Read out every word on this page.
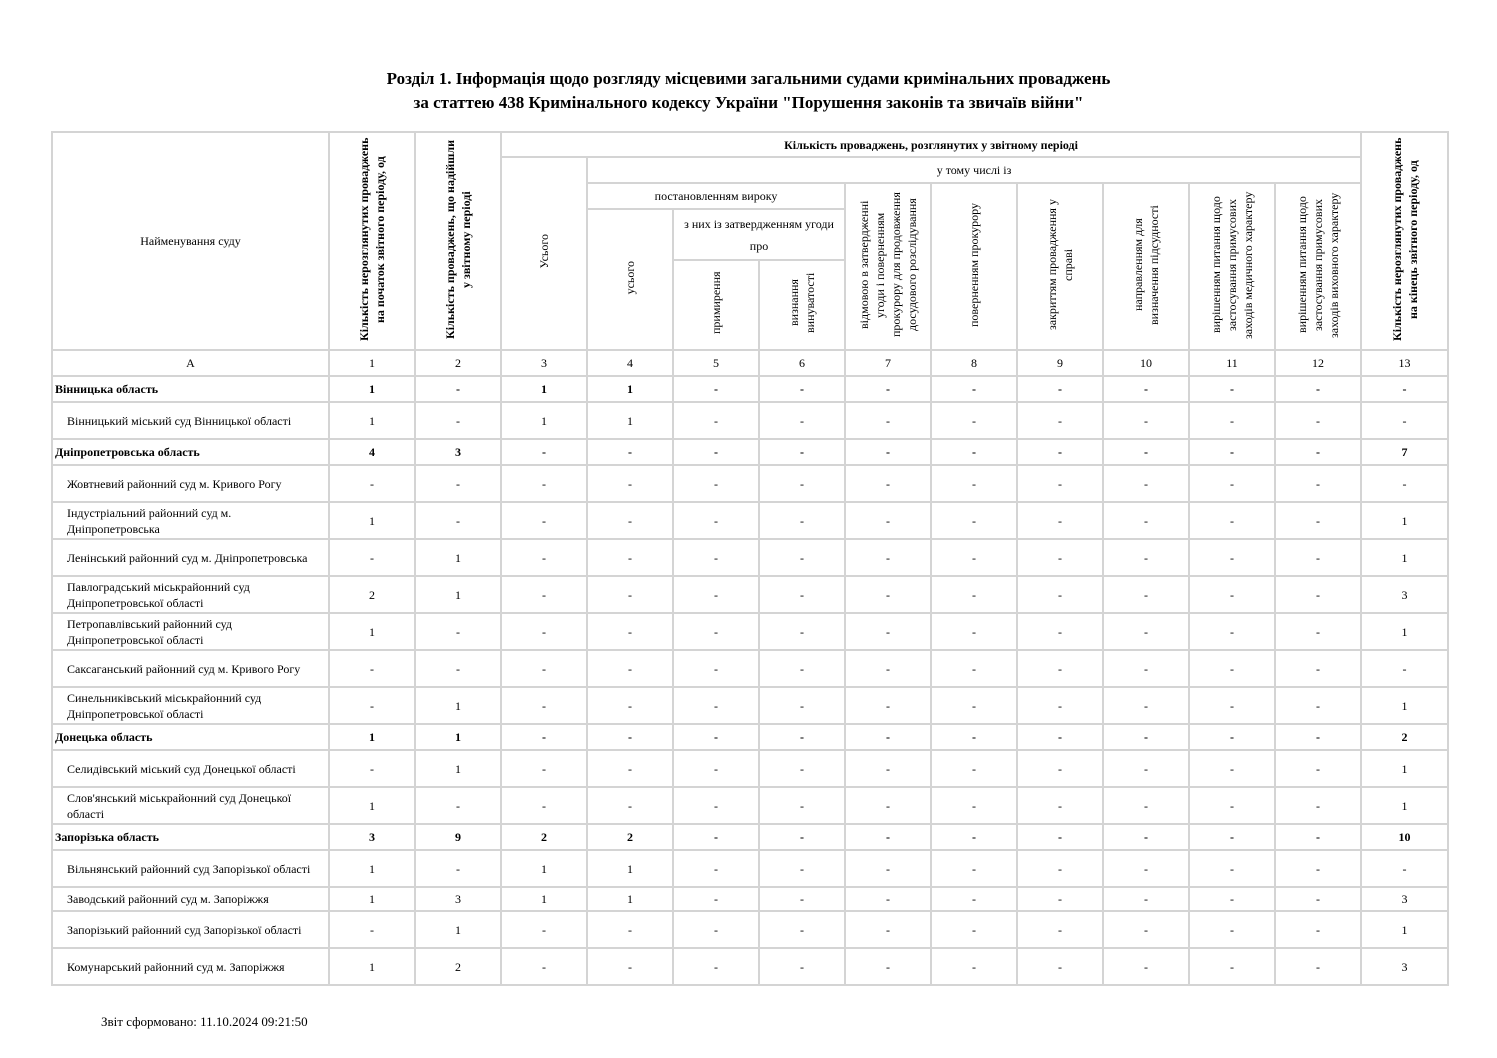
Розділ 1. Інформація щодо розгляду місцевими загальними судами кримінальних проваджень
за статтею 438 Кримінального кодексу України "Порушення законів та звичаїв війни"
Найменування суду	Кількість нерозглянутих проваджень на початок звітного періоду, од	Кількість проваджень, що надійшли у звітному періоді	Кількість проваджень, розглянутих у звітному періоді										Кількість нерозглянутих проваджень на кінець звітного періоду, од
			Усього	у тому числі із									
				постановленням вироку			відмовою в затвердженні угоди і поверненням прокурору для продовження досудового розслідування	поверненням прокурору	закриттям провадження у справі	направленням для визначення підсудності	вирішенням питання щодо застосування примусових заходів медичного характеру	вирішенням питання щодо застосування примусових заходів виховного характеру	
				усього	з них із затвердженням угоди про								
					примирення	визнання винуватості							
А	1	2	3	4	5	6	7	8	9	10	11	12	13
Вінницька область	1	-	1	1	-	-	-	-	-	-	-	-	-
Вінницький міський суд Вінницької області	1	-	1	1	-	-	-	-	-	-	-	-	-
Дніпропетровська область	4	3	-	-	-	-	-	-	-	-	-	-	7
Жовтневий районний суд м. Кривого Рогу	-	-	-	-	-	-	-	-	-	-	-	-	-
Індустріальний районний суд м. Дніпропетровська	1	-	-	-	-	-	-	-	-	-	-	-	1
Ленінський районний суд м. Дніпропетровська	-	1	-	-	-	-	-	-	-	-	-	-	1
Павлоградський міськрайонний суд Дніпропетровської області	2	1	-	-	-	-	-	-	-	-	-	-	3
Петропавлівський районний суд Дніпропетровської області	1	-	-	-	-	-	-	-	-	-	-	-	1
Саксаганський районний суд м. Кривого Рогу	-	-	-	-	-	-	-	-	-	-	-	-	-
Синельниківський міськрайонний суд Дніпропетровської області	-	1	-	-	-	-	-	-	-	-	-	-	1
Донецька область	1	1	-	-	-	-	-	-	-	-	-	-	2
Селидівський міський суд Донецької області	-	1	-	-	-	-	-	-	-	-	-	-	1
Слов'янський міськрайонний суд Донецької області	1	-	-	-	-	-	-	-	-	-	-	-	1
Запорізька область	3	9	2	2	-	-	-	-	-	-	-	-	10
Вільнянський районний суд Запорізької області	1	-	1	1	-	-	-	-	-	-	-	-	-
Заводський районний суд м. Запоріжжя	1	3	1	1	-	-	-	-	-	-	-	-	3
Запорізький районний суд Запорізької області	-	1	-	-	-	-	-	-	-	-	-	-	1
Комунарський районний суд м. Запоріжжя	1	2	-	-	-	-	-	-	-	-	-	-	3
Звіт сформовано: 11.10.2024 09:21:50
